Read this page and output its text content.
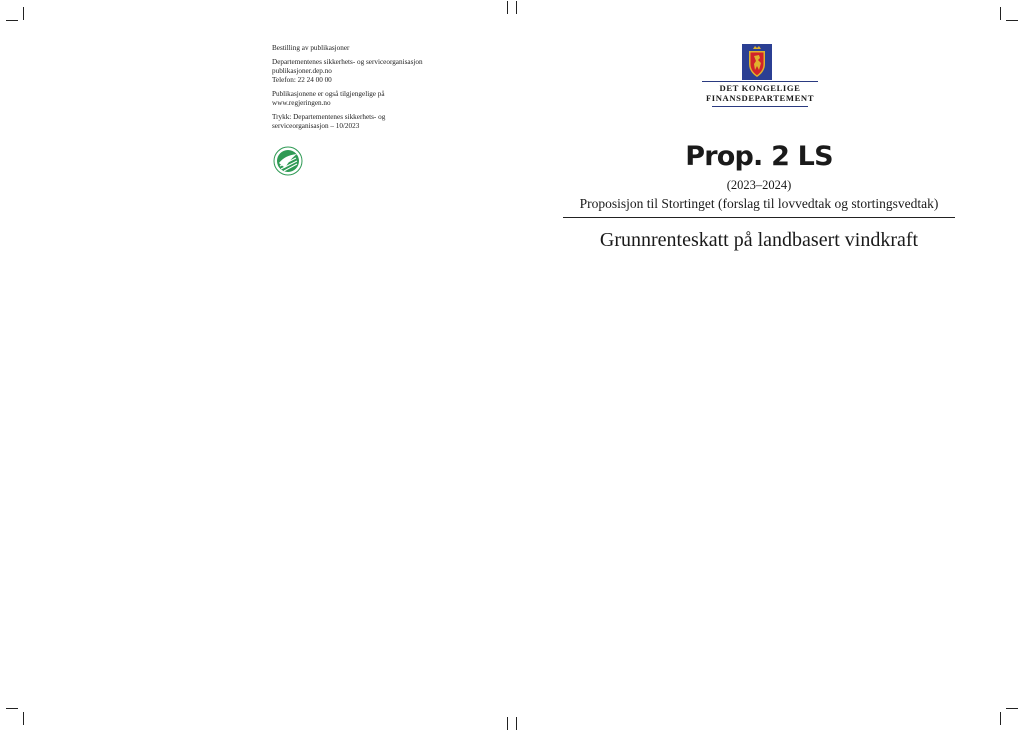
Bestilling av publikasjoner

Departementenes sikkerhets- og serviceorganisasjon
publikasjoner.dep.no
Telefon: 22 24 00 00

Publikasjonene er også tilgjengelige på
www.regjeringen.no

Trykk: Departementenes sikkerhets- og
serviceorganisasjon – 10/2023

DET KONGELIGE
FINANSDEPARTEMENT
Prop. 2 LS
(2023–2024)
Proposisjon til Stortinget (forslag til lovvedtak og stortingsvedtak)
Grunnrenteskatt på landbasert vindkraft
